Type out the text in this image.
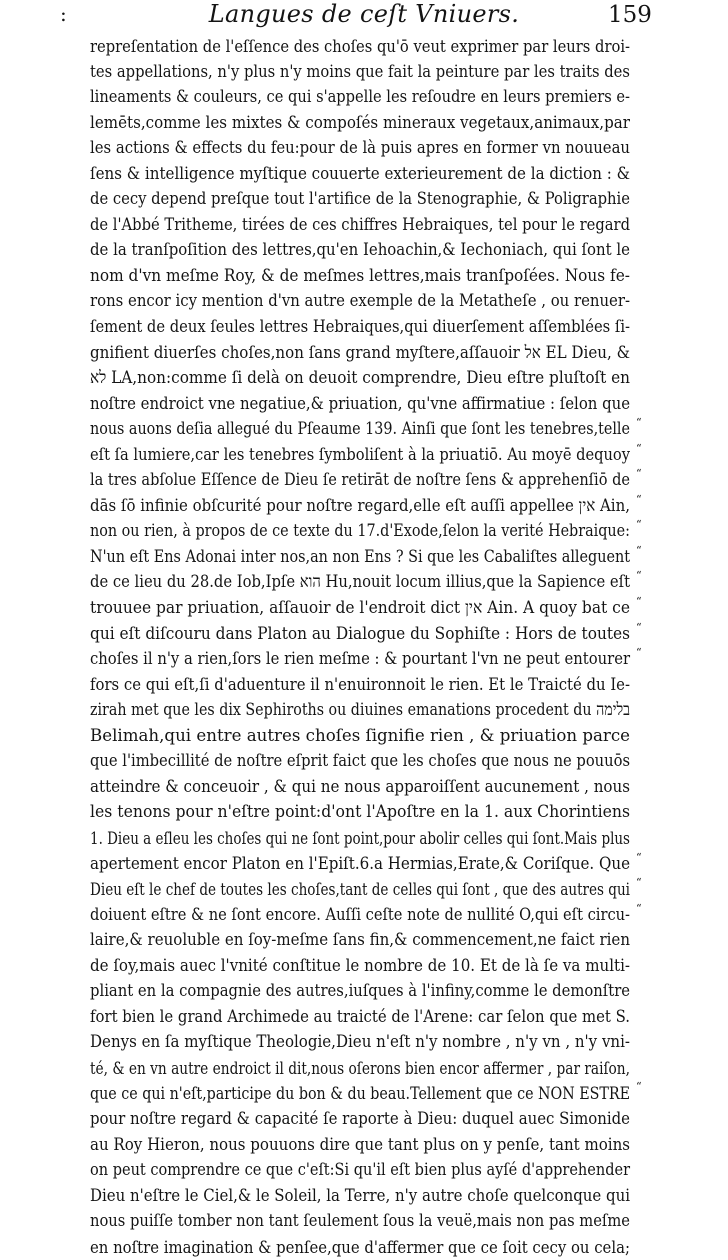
:	Langues de ceſt Vniuers.	159
repreſentation de l'eſſence des choſes qu'ō veut exprimer par leurs droi-
tes appellations, n'y plus n'y moins que fait la peinture par les traits des
lineaments & couleurs, ce qui s'appelle les reſoudre en leurs premiers e-
lemēts,comme les mixtes & compoſés mineraux vegetaux,animaux,par
les actions & effects du feu:pour de là puis apres en former vn nouueau
ſens & intelligence myſtique couuerte exterieurement de la diction : &
de cecy depend preſque tout l'artifice de la Stenographie, & Poligraphie
de l'Abbé Tritheme, tirées de ces chiffres Hebraiques, tel pour le regard
de la tranſpoſition des lettres,qu'en Iehoachin,& Iechoniach, qui ſont le
nom d'vn meſme Roy, & de meſmes lettres,mais tranſpoſées. Nous fe-
rons encor icy mention d'vn autre exemple de la Metatheſe , ou renuer-
ſement de deux ſeules lettres Hebraiques,qui diuerſement aſſemblées ſi-
gnifient diuerſes choſes,non ſans grand myſtere,aſſauoir אל EL Dieu, &
לא LA,non:comme ſi delà on deuoit comprendre, Dieu eſtre pluſtoſt en
noſtre endroict vne negatiue,& priuation, qu'vne affirmatiue : ſelon que
nous auons deſia allegué du Pſeaume 139. Ainſi que ſont les tenebres,telle
eſt ſa lumiere,car les tenebres ſymboliſent à la priuatiō. Au moyē dequoy
la tres abſolue Eſſence de Dieu ſe retirāt de noſtre ſens & apprehenſiō de
dās ſō infinie obſcurité pour noſtre regard,elle eſt auſſi appellee אין Ain,
non ou rien, à propos de ce texte du 17.d'Exode,ſelon la verité Hebraique:
N'un eſt Ens Adonai inter nos,an non Ens ? Si que les Cabaliſtes alleguent
de ce lieu du 28.de Iob,Ipſe הוא Hu,nouit locum illius,que la Sapience eſt
trouuee par priuation, aſſauoir de l'endroit dict אין Ain. A quoy bat ce
qui eſt diſcouru dans Platon au Dialogue du Sophiſte : Hors de toutes
choſes il n'y a rien,ſors le rien meſme : & pourtant l'vn ne peut entourer
fors ce qui eſt,ſi d'aduenture il n'enuironnoit le rien. Et le Traicté du Ie-
zirah met que les dix Sephiroths ou diuines emanations procedent du בלימה
Belimah,qui entre autres choſes ſignifie rien , & priuation parce
que l'imbecillité de noſtre eſprit faict que les choſes que nous ne pouuōs
atteindre & conceuoir , & qui ne nous apparoiſſent aucunement , nous
les tenons pour n'eſtre point:d'ont l'Apoſtre en la 1. aux Chorintiens
1. Dieu a eſleu les choſes qui ne ſont point,pour abolir celles qui ſont.Mais plus
apertement encor Platon en l'Epiſt.6.a Hermias,Erate,& Coriſque. Que
Dieu eſt le chef de toutes les choſes,tant de celles qui ſont , que des autres qui
doiuent eſtre & ne ſont encore. Auſſi ceſte note de nullité O,qui eſt circu-
laire,& reuoluble en ſoy-meſme ſans fin,& commencement,ne faict rien
de ſoy,mais auec l'vnité conſtitue le nombre de 10. Et de là ſe va multi-
pliant en la compagnie des autres,iuſques à l'infiny,comme le demonſtre
fort bien le grand Archimede au traicté de l'Arene: car ſelon que met S.
Denys en ſa myſtique Theologie,Dieu n'eſt n'y nombre , n'y vn , n'y vni-
té, & en vn autre endroict il dit,nous oſerons bien encor affermer , par raiſon,
que ce qui n'eſt,participe du bon & du beau.Tellement que ce NON ESTRE
pour noſtre regard & capacité ſe raporte à Dieu: duquel auec Simonide
au Roy Hieron, nous pouuons dire que tant plus on y penſe, tant moins
on peut comprendre ce que c'eſt:Si qu'il eſt bien plus ayſé d'apprehender
Dieu n'eſtre le Ciel,& le Soleil, la Terre, n'y autre choſe quelconque qui
nous puiſſe tomber non tant ſeulement ſous la veuë,mais non pas meſme
en noſtre imagination & penſee,que d'affermer que ce ſoit cecy ou cela;
“
“
“
“
“
“
“
“
“
“
“
“
“
“
